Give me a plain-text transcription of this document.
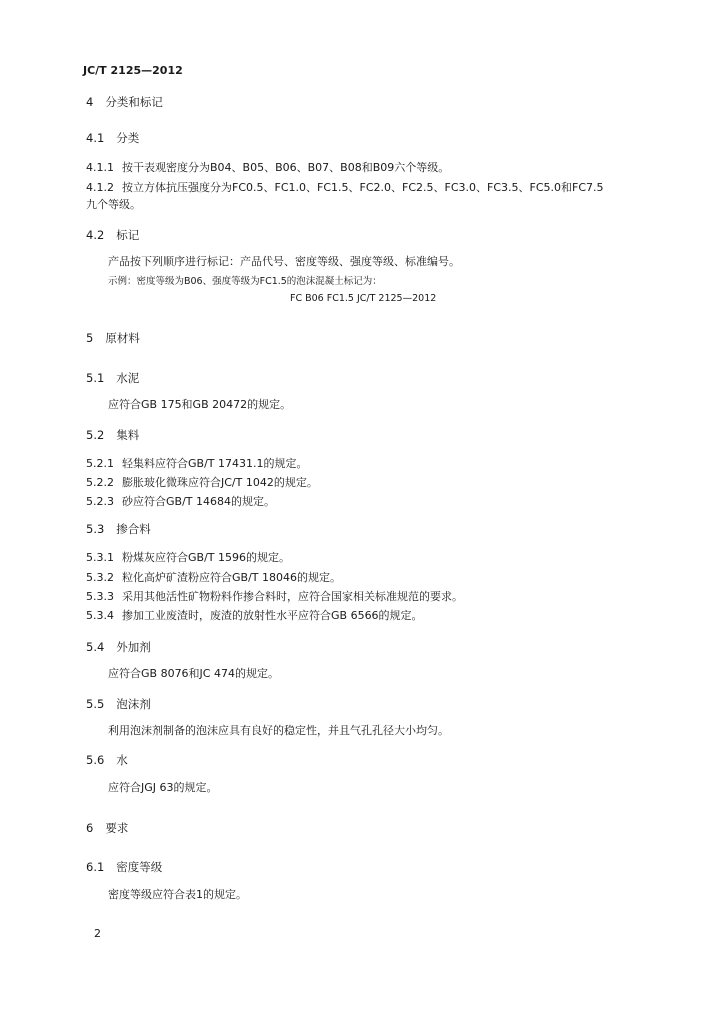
JC/T 2125—2012
4 分类和标记
4.1 分类
4.1.1 按干表观密度分为B04、B05、B06、B07、B08和B09六个等级。
4.1.2 按立方体抗压强度分为FC0.5、FC1.0、FC1.5、FC2.0、FC2.5、FC3.0、FC3.5、FC5.0和FC7.5
九个等级。
4.2 标记
产品按下列顺序进行标记：产品代号、密度等级、强度等级、标准编号。
示例：密度等级为B06、强度等级为FC1.5的泡沫混凝土标记为：
FC B06 FC1.5 JC/T 2125—2012
5 原材料
5.1 水泥
应符合GB 175和GB 20472的规定。
5.2 集料
5.2.1 轻集料应符合GB/T 17431.1的规定。
5.2.2 膨胀玻化微珠应符合JC/T 1042的规定。
5.2.3 砂应符合GB/T 14684的规定。
5.3 掺合料
5.3.1 粉煤灰应符合GB/T 1596的规定。
5.3.2 粒化高炉矿渣粉应符合GB/T 18046的规定。
5.3.3 采用其他活性矿物粉料作掺合料时，应符合国家相关标准规范的要求。
5.3.4 掺加工业废渣时，废渣的放射性水平应符合GB 6566的规定。
5.4 外加剂
应符合GB 8076和JC 474的规定。
5.5 泡沫剂
利用泡沫剂制备的泡沫应具有良好的稳定性，并且气孔孔径大小均匀。
5.6 水
应符合JGJ 63的规定。
6 要求
6.1 密度等级
密度等级应符合表1的规定。
2
